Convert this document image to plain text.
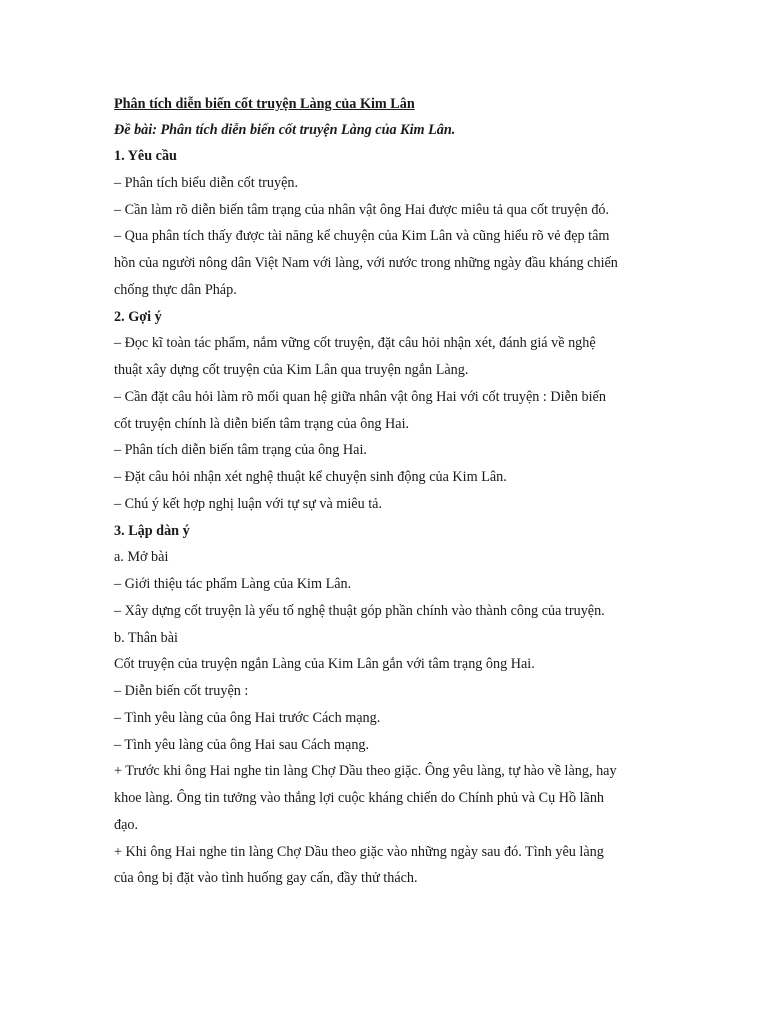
Phân tích diễn biến cốt truyện Làng của Kim Lân
Đề bài: Phân tích diễn biến cốt truyện Làng của Kim Lân.
1. Yêu cầu
– Phân tích biểu diễn cốt truyện.
– Cần làm rõ diễn biến tâm trạng của nhân vật ông Hai được miêu tả qua cốt truyện đó.
– Qua phân tích thấy được tài năng kể chuyện của Kim Lân và cũng hiểu rõ vẻ đẹp tâm
hồn của người nông dân Việt Nam với làng, với nước trong những ngày đầu kháng chiến
chống thực dân Pháp.
2. Gợi ý
– Đọc kĩ toàn tác phẩm, nắm vững cốt truyện, đặt câu hỏi nhận xét, đánh giá về nghệ
thuật xây dựng cốt truyện của Kim Lân qua truyện ngắn Làng.
– Cần đặt câu hỏi làm rõ mối quan hệ giữa nhân vật ông Hai với cốt truyện : Diễn biến
cốt truyện chính là diễn biến tâm trạng của ông Hai.
– Phân tích diễn biến tâm trạng của ông Hai.
– Đặt câu hỏi nhận xét nghệ thuật kể chuyện sinh động của Kim Lân.
– Chú ý kết hợp nghị luận với tự sự và miêu tả.
3. Lập dàn ý
a. Mở bài
– Giới thiệu tác phẩm Làng của Kim Lân.
– Xây dựng cốt truyện là yếu tố nghệ thuật góp phần chính vào thành công của truyện.
b. Thân bài
Cốt truyện của truyện ngắn Làng của Kim Lân gắn với tâm trạng ông Hai.
– Diễn biến cốt truyện :
– Tình yêu làng của ông Hai trước Cách mạng.
– Tình yêu làng của ông Hai sau Cách mạng.
+ Trước khi ông Hai nghe tin làng Chợ Dầu theo giặc. Ông yêu làng, tự hào về làng, hay
khoe làng. Ông tin tưởng vào thắng lợi cuộc kháng chiến do Chính phủ và Cụ Hồ lãnh
đạo.
+ Khi ông Hai nghe tin làng Chợ Dầu theo giặc vào những ngày sau đó. Tình yêu làng
của ông bị đặt vào tình huống gay cấn, đầy thử thách.
